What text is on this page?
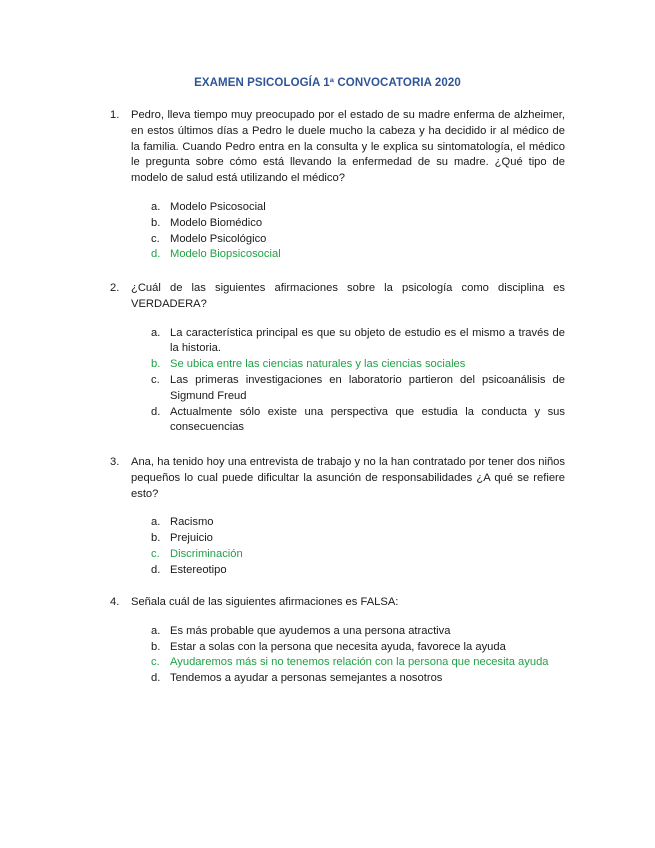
EXAMEN PSICOLOGÍA 1ª CONVOCATORIA 2020
1. Pedro, lleva tiempo muy preocupado por el estado de su madre enferma de alzheimer, en estos últimos días a Pedro le duele mucho la cabeza y ha decidido ir al médico de la familia. Cuando Pedro entra en la consulta y le explica su sintomatología, el médico le pregunta sobre cómo está llevando la enfermedad de su madre. ¿Qué tipo de modelo de salud está utilizando el médico?
a. Modelo Psicosocial
b. Modelo Biomédico
c. Modelo Psicológico
d. Modelo Biopsicosocial
2. ¿Cuál de las siguientes afirmaciones sobre la psicología como disciplina es VERDADERA?
a. La característica principal es que su objeto de estudio es el mismo a través de la historia.
b. Se ubica entre las ciencias naturales y las ciencias sociales
c. Las primeras investigaciones en laboratorio partieron del psicoanálisis de Sigmund Freud
d. Actualmente sólo existe una perspectiva que estudia la conducta y sus consecuencias
3. Ana, ha tenido hoy una entrevista de trabajo y no la han contratado por tener dos niños pequeños lo cual puede dificultar la asunción de responsabilidades ¿A qué se refiere esto?
a. Racismo
b. Prejuicio
c. Discriminación
d. Estereotipo
4. Señala cuál de las siguientes afirmaciones es FALSA:
a. Es más probable que ayudemos a una persona atractiva
b. Estar a solas con la persona que necesita ayuda, favorece la ayuda
c. Ayudaremos más si no tenemos relación con la persona que necesita ayuda
d. Tendemos a ayudar a personas semejantes a nosotros
